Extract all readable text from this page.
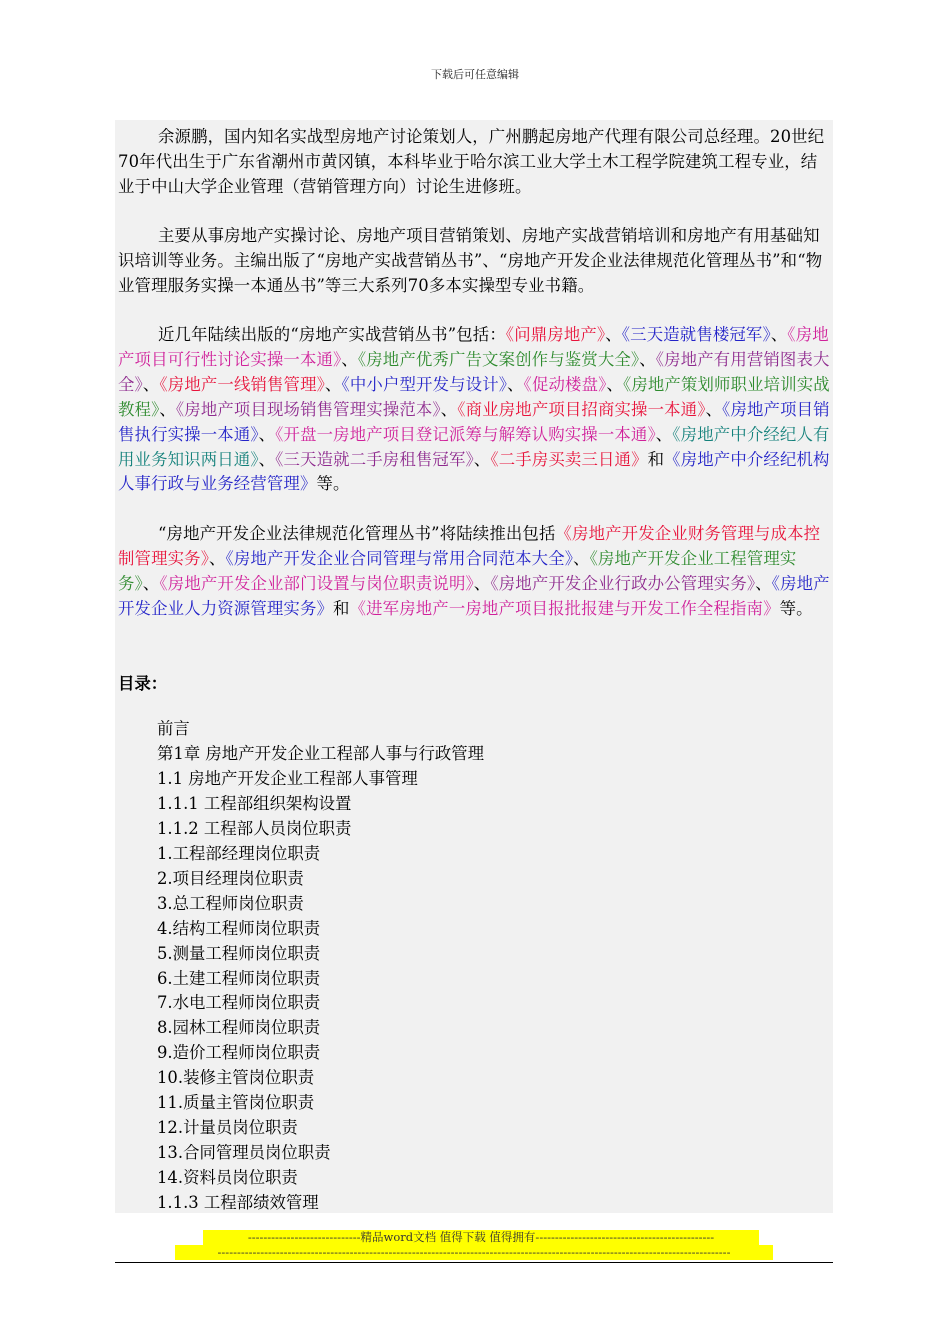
下载后可任意编辑

余源鹏，国内知名实战型房地产讨论策划人，广州鹏起房地产代理有限公司总经理。20世纪70年代出生于广东省潮州市黄冈镇，本科毕业于哈尔滨工业大学土木工程学院建筑工程专业，结业于中山大学企业管理（营销管理方向）讨论生进修班。

主要从事房地产实操讨论、房地产项目营销策划、房地产实战营销培训和房地产有用基础知识培训等业务。主编出版了“房地产实战营销丛书”、“房地产开发企业法律规范化管理丛书”和“物业管理服务实操一本通丛书”等三大系列70多本实操型专业书籍。

近几年陆续出版的“房地产实战营销丛书”包括：《问鼎房地产》、《三天造就售楼冠军》、《房地产项目可行性讨论实操一本通》、《房地产优秀广告文案创作与鉴赏大全》、《房地产有用营销图表大全》、《房地产一线销售管理》、《中小户型开发与设计》、《促动楼盘》、《房地产策划师职业培训实战教程》、《房地产项目现场销售管理实操范本》、《商业房地产项目招商实操一本通》、《房地产项目销售执行实操一本通》、《开盘一房地产项目登记派筹与解筹认购实操一本通》、《房地产中介经纪人有用业务知识两日通》、《三天造就二手房租售冠军》、《二手房买卖三日通》和《房地产中介经纪机构人事行政与业务经营管理》等。

“房地产开发企业法律规范化管理丛书”将陆续推出包括《房地产开发企业财务管理与成本控制管理实务》、《房地产开发企业合同管理与常用合同范本大全》、《房地产开发企业工程管理实务》、《房地产开发企业部门设置与岗位职责说明》、《房地产开发企业行政办公管理实务》、《房地产开发企业人力资源管理实务》和《进军房地产一房地产项目报批报建与开发工作全程指南》等。

目录：
前言
第1章 房地产开发企业工程部人事与行政管理
1.1 房地产开发企业工程部人事管理
1.1.1 工程部组织架构设置
1.1.2 工程部人员岗位职责
1.工程部经理岗位职责
2.项目经理岗位职责
3.总工程师岗位职责
4.结构工程师岗位职责
5.测量工程师岗位职责
6.土建工程师岗位职责
7.水电工程师岗位职责
8.园林工程师岗位职责
9.造价工程师岗位职责
10.装修主管岗位职责
11.质量主管岗位职责
12.计量员岗位职责
13.合同管理员岗位职责
14.资料员岗位职责
1.1.3 工程部绩效管理
-----------------------------精品word文档 值得下载 值得拥有----------------------------------------------
------------------------------------------------------------------------------------------------------------------------------------
